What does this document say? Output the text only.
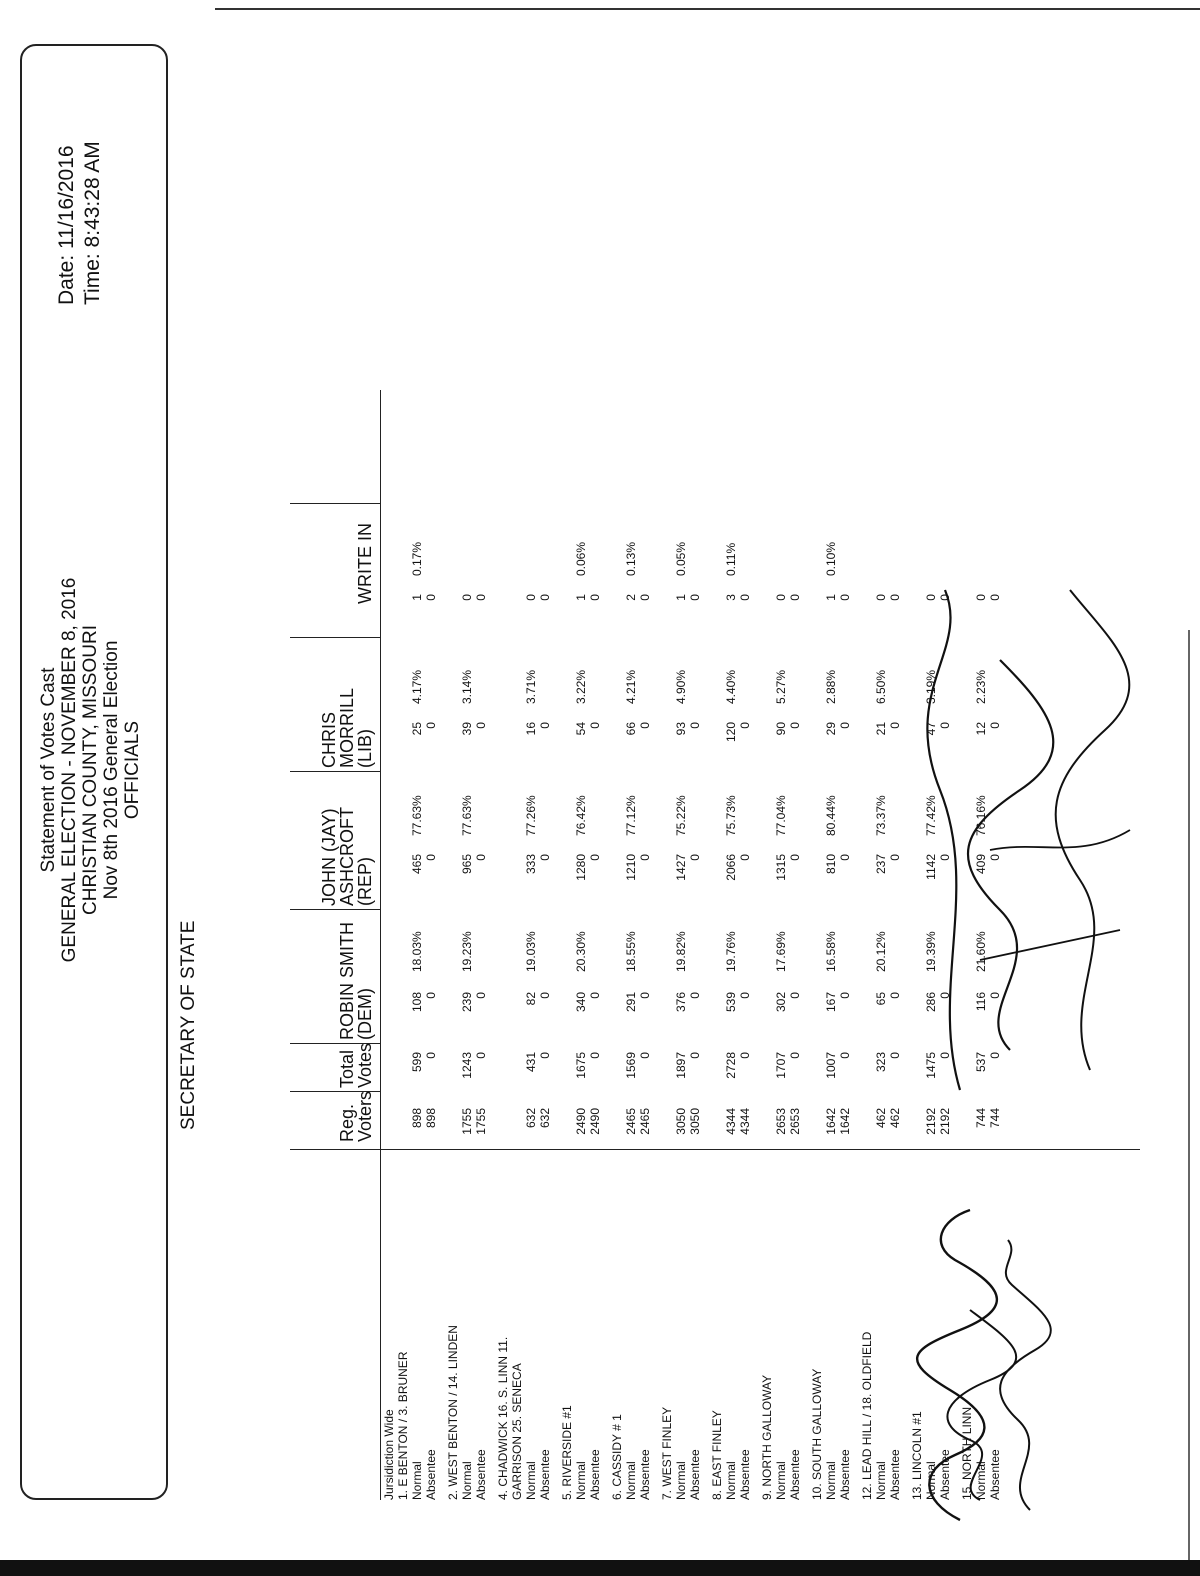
Statement of Votes Cast GENERAL ELECTION - NOVEMBER 8, 2016 CHRISTIAN COUNTY, MISSOURI Nov 8th 2016 General Election OFFICIALS
Date: 11/16/2016 Time: 8:43:28 AM
SECRETARY OF STATE	Reg.
Voters
Total
Votes
ROBIN SMITH
(DEM)
JOHN (JAY)
ASHCROFT
(REP)
CHRIS
MORRILL
(LIB)
WRITE IN
Jursidiction Wide 1. E BENTON / 3. BRUNER Normal Absentee
898 898
599 0
108 0
18.03%
465 0
77.63%
25 0
4.17%
1 0
0.17%
2. WEST BENTON / 14. LINDEN Normal Absentee
1755 1755
1243 0
239 0
19.23%
965 0
77.63%
39 0
3.14%
0 0
4. CHADWICK 16. S. LINN 11. GARRISON 25. SENECA Normal Absentee
632 632
431 0
82 0
19.03%
333 0
77.26%
16 0
3.71%
0 0
5. RIVERSIDE #1 Normal Absentee
2490 2490
1675 0
340 0
20.30%
1280 0
76.42%
54 0
3.22%
1 0
0.06%
6. CASSIDY # 1 Normal Absentee
2465 2465
1569 0
291 0
18.55%
1210 0
77.12%
66 0
4.21%
2 0
0.13%
7. WEST FINLEY Normal Absentee
3050 3050
1897 0
376 0
19.82%
1427 0
75.22%
93 0
4.90%
1 0
0.05%
8. EAST FINLEY Normal Absentee
4344 4344
2728 0
539 0
19.76%
2066 0
75.73%
120 0
4.40%
3 0
0.11%
9. NORTH GALLOWAY Normal Absentee
2653 2653
1707 0
302 0
17.69%
1315 0
77.04%
90 0
5.27%
0 0
10. SOUTH GALLOWAY Normal Absentee
1642 1642
1007 0
167 0
16.58%
810 0
80.44%
29 0
2.88%
1 0
0.10%
12. LEAD HILL / 18. OLDFIELD Normal Absentee
462 462
323 0
65 0
20.12%
237 0
73.37%
21 0
6.50%
0 0
13. LINCOLN #1 Normal Absentee
2192 2192
1475 0
286 0
19.39%
1142 0
77.42%
47 0
3.19%
0 0
15. NORTH LINN Normal Absentee
744 744
537 0
116 0
21.60%
409 0
76.16%
12 0
2.23%
0 0
